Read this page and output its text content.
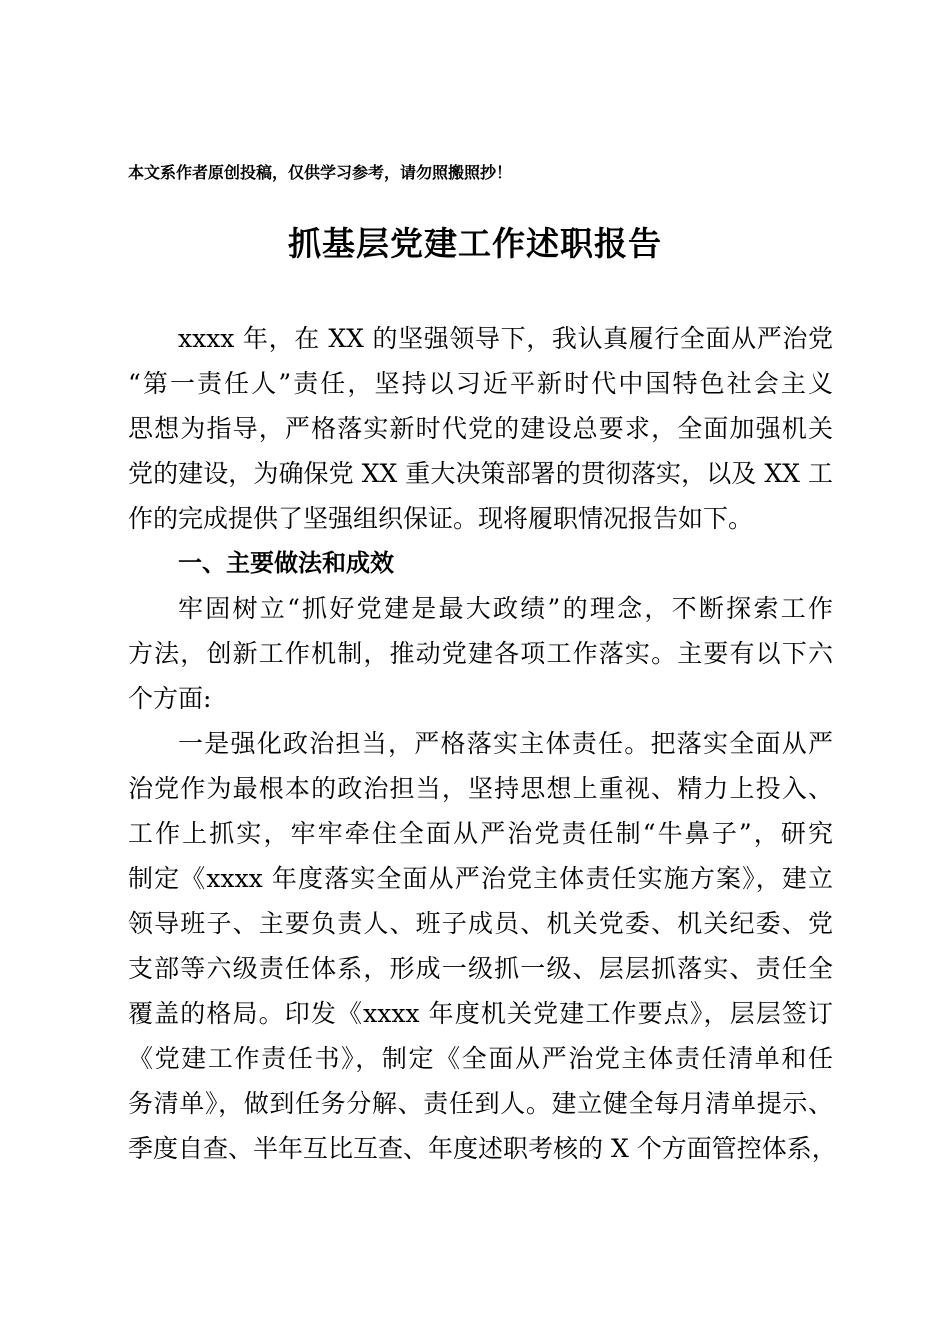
本文系作者原创投稿，仅供学习参考，请勿照搬照抄！
抓基层党建工作述职报告
xxxx 年，在 XX 的坚强领导下，我认真履行全面从严治党
“第一责任人”责任，坚持以习近平新时代中国特色社会主义
思想为指导，严格落实新时代党的建设总要求，全面加强机关
党的建设，为确保党 XX 重大决策部署的贯彻落实，以及 XX 工
作的完成提供了坚强组织保证。现将履职情况报告如下。
一、主要做法和成效
牢固树立“抓好党建是最大政绩”的理念，不断探索工作
方法，创新工作机制，推动党建各项工作落实。主要有以下六
个方面:
一是强化政治担当，严格落实主体责任。把落实全面从严
治党作为最根本的政治担当，坚持思想上重视、精力上投入、
工作上抓实，牢牢牵住全面从严治党责任制“牛鼻子”，研究
制定《xxxx 年度落实全面从严治党主体责任实施方案》，建立
领导班子、主要负责人、班子成员、机关党委、机关纪委、党
支部等六级责任体系，形成一级抓一级、层层抓落实、责任全
覆盖的格局。印发《xxxx 年度机关党建工作要点》，层层签订
《党建工作责任书》，制定《全面从严治党主体责任清单和任
务清单》，做到任务分解、责任到人。建立健全每月清单提示、
季度自查、半年互比互查、年度述职考核的 X 个方面管控体系，
